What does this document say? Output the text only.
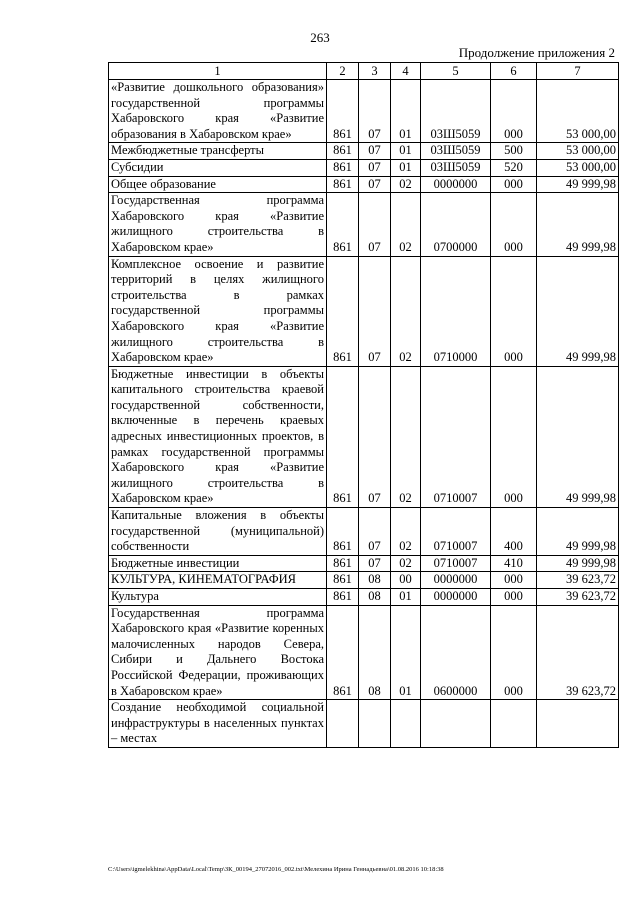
263
Продолжение приложения 2
1	2	3	4	5	6	7
«Развитие дошкольного образования» государственной программы Хабаровского края «Развитие образования в Хабаровском крае»	861	07	01	03Ш5059	000	53 000,00
Межбюджетные трансферты	861	07	01	03Ш5059	500	53 000,00
Субсидии	861	07	01	03Ш5059	520	53 000,00
Общее образование	861	07	02	0000000	000	49 999,98
Государственная программа Хабаровского края «Развитие жилищного строительства в Хабаровском крае»	861	07	02	0700000	000	49 999,98
Комплексное освоение и развитие территорий в целях жилищного строительства в рамках государственной программы Хабаровского края «Развитие жилищного строительства в Хабаровском крае»	861	07	02	0710000	000	49 999,98
Бюджетные инвестиции в объекты капитального строительства краевой государственной собственности, включенные в перечень краевых адресных инвестиционных проектов, в рамках государственной программы Хабаровского края «Развитие жилищного строительства в Хабаровском крае»	861	07	02	0710007	000	49 999,98
Капитальные вложения в объекты государственной (муниципальной) собственности	861	07	02	0710007	400	49 999,98
Бюджетные инвестиции	861	07	02	0710007	410	49 999,98
КУЛЬТУРА, КИНЕМАТОГРАФИЯ	861	08	00	0000000	000	39 623,72
Культура	861	08	01	0000000	000	39 623,72
Государственная программа Хабаровского края «Развитие коренных малочисленных народов Севера, Сибири и Дальнего Востока Российской Федерации, проживающих в Хабаровском крае»	861	08	01	0600000	000	39 623,72
Создание необходимой социальной инфраструктуры в населенных пунктах – местах						
C:\Users\igmelekhina\AppData\Local\Temp\ЗК_00194_27072016_002.txt\Мелехина Ирина Геннадьевна\01.08.2016 10:18:38
